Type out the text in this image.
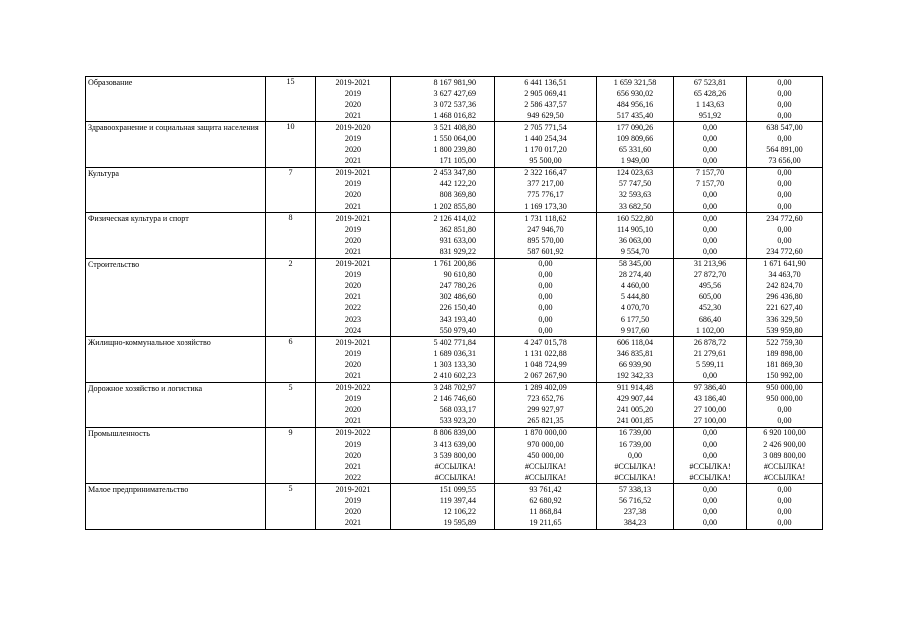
Образование	15	2019-2021	8 167 981,90	6 441 136,51	1 659 321,58	67 523,81	0,00
		2019	3 627 427,69	2 905 069,41	656 930,02	65 428,26	0,00
		2020	3 072 537,36	2 586 437,57	484 956,16	1 143,63	0,00
		2021	1 468 016,82	949 629,50	517 435,40	951,92	0,00
Здравоохранение и социальная защита населения	10	2019-2020	3 521 408,80	2 705 771,54	177 090,26	0,00	638 547,00
		2019	1 550 064,00	1 440 254,34	109 809,66	0,00	0,00
		2020	1 800 239,80	1 170 017,20	65 331,60	0,00	564 891,00
		2021	171 105,00	95 500,00	1 949,00	0,00	73 656,00
Культура	7	2019-2021	2 453 347,80	2 322 166,47	124 023,63	7 157,70	0,00
		2019	442 122,20	377 217,00	57 747,50	7 157,70	0,00
		2020	808 369,80	775 776,17	32 593,63	0,00	0,00
		2021	1 202 855,80	1 169 173,30	33 682,50	0,00	0,00
Физическая культура и спорт	8	2019-2021	2 126 414,02	1 731 118,62	160 522,80	0,00	234 772,60
		2019	362 851,80	247 946,70	114 905,10	0,00	0,00
		2020	931 633,00	895 570,00	36 063,00	0,00	0,00
		2021	831 929,22	587 601,92	9 554,70	0,00	234 772,60
Строительство	2	2019-2021	1 761 200,86	0,00	58 345,00	31 213,96	1 671 641,90
		2019	90 610,80	0,00	28 274,40	27 872,70	34 463,70
		2020	247 780,26	0,00	4 460,00	495,56	242 824,70
		2021	302 486,60	0,00	5 444,80	605,00	296 436,80
		2022	226 150,40	0,00	4 070,70	452,30	221 627,40
		2023	343 193,40	0,00	6 177,50	686,40	336 329,50
		2024	550 979,40	0,00	9 917,60	1 102,00	539 959,80
Жилищно-коммунальное хозяйство	6	2019-2021	5 402 771,84	4 247 015,78	606 118,04	26 878,72	522 759,30
		2019	1 689 036,31	1 131 022,88	346 835,81	21 279,61	189 898,00
		2020	1 303 133,30	1 048 724,99	66 939,90	5 599,11	181 869,30
		2021	2 410 602,23	2 067 267,90	192 342,33	0,00	150 992,00
Дорожное хозяйство и логистика	5	2019-2022	3 248 702,97	1 289 402,09	911 914,48	97 386,40	950 000,00
		2019	2 146 746,60	723 652,76	429 907,44	43 186,40	950 000,00
		2020	568 033,17	299 927,97	241 005,20	27 100,00	0,00
		2021	533 923,20	265 821,35	241 001,85	27 100,00	0,00
Промышленность	9	2019-2022	8 806 839,00	1 870 000,00	16 739,00	0,00	6 920 100,00
		2019	3 413 639,00	970 000,00	16 739,00	0,00	2 426 900,00
		2020	3 539 800,00	450 000,00	0,00	0,00	3 089 800,00
		2021	#ССЫЛКА!	#ССЫЛКА!	#ССЫЛКА!	#ССЫЛКА!	#ССЫЛКА!
		2022	#ССЫЛКА!	#ССЫЛКА!	#ССЫЛКА!	#ССЫЛКА!	#ССЫЛКА!
Малое предпринимательство	5	2019-2021	151 099,55	93 761,42	57 338,13	0,00	0,00
		2019	119 397,44	62 680,92	56 716,52	0,00	0,00
		2020	12 106,22	11 868,84	237,38	0,00	0,00
		2021	19 595,89	19 211,65	384,23	0,00	0,00
